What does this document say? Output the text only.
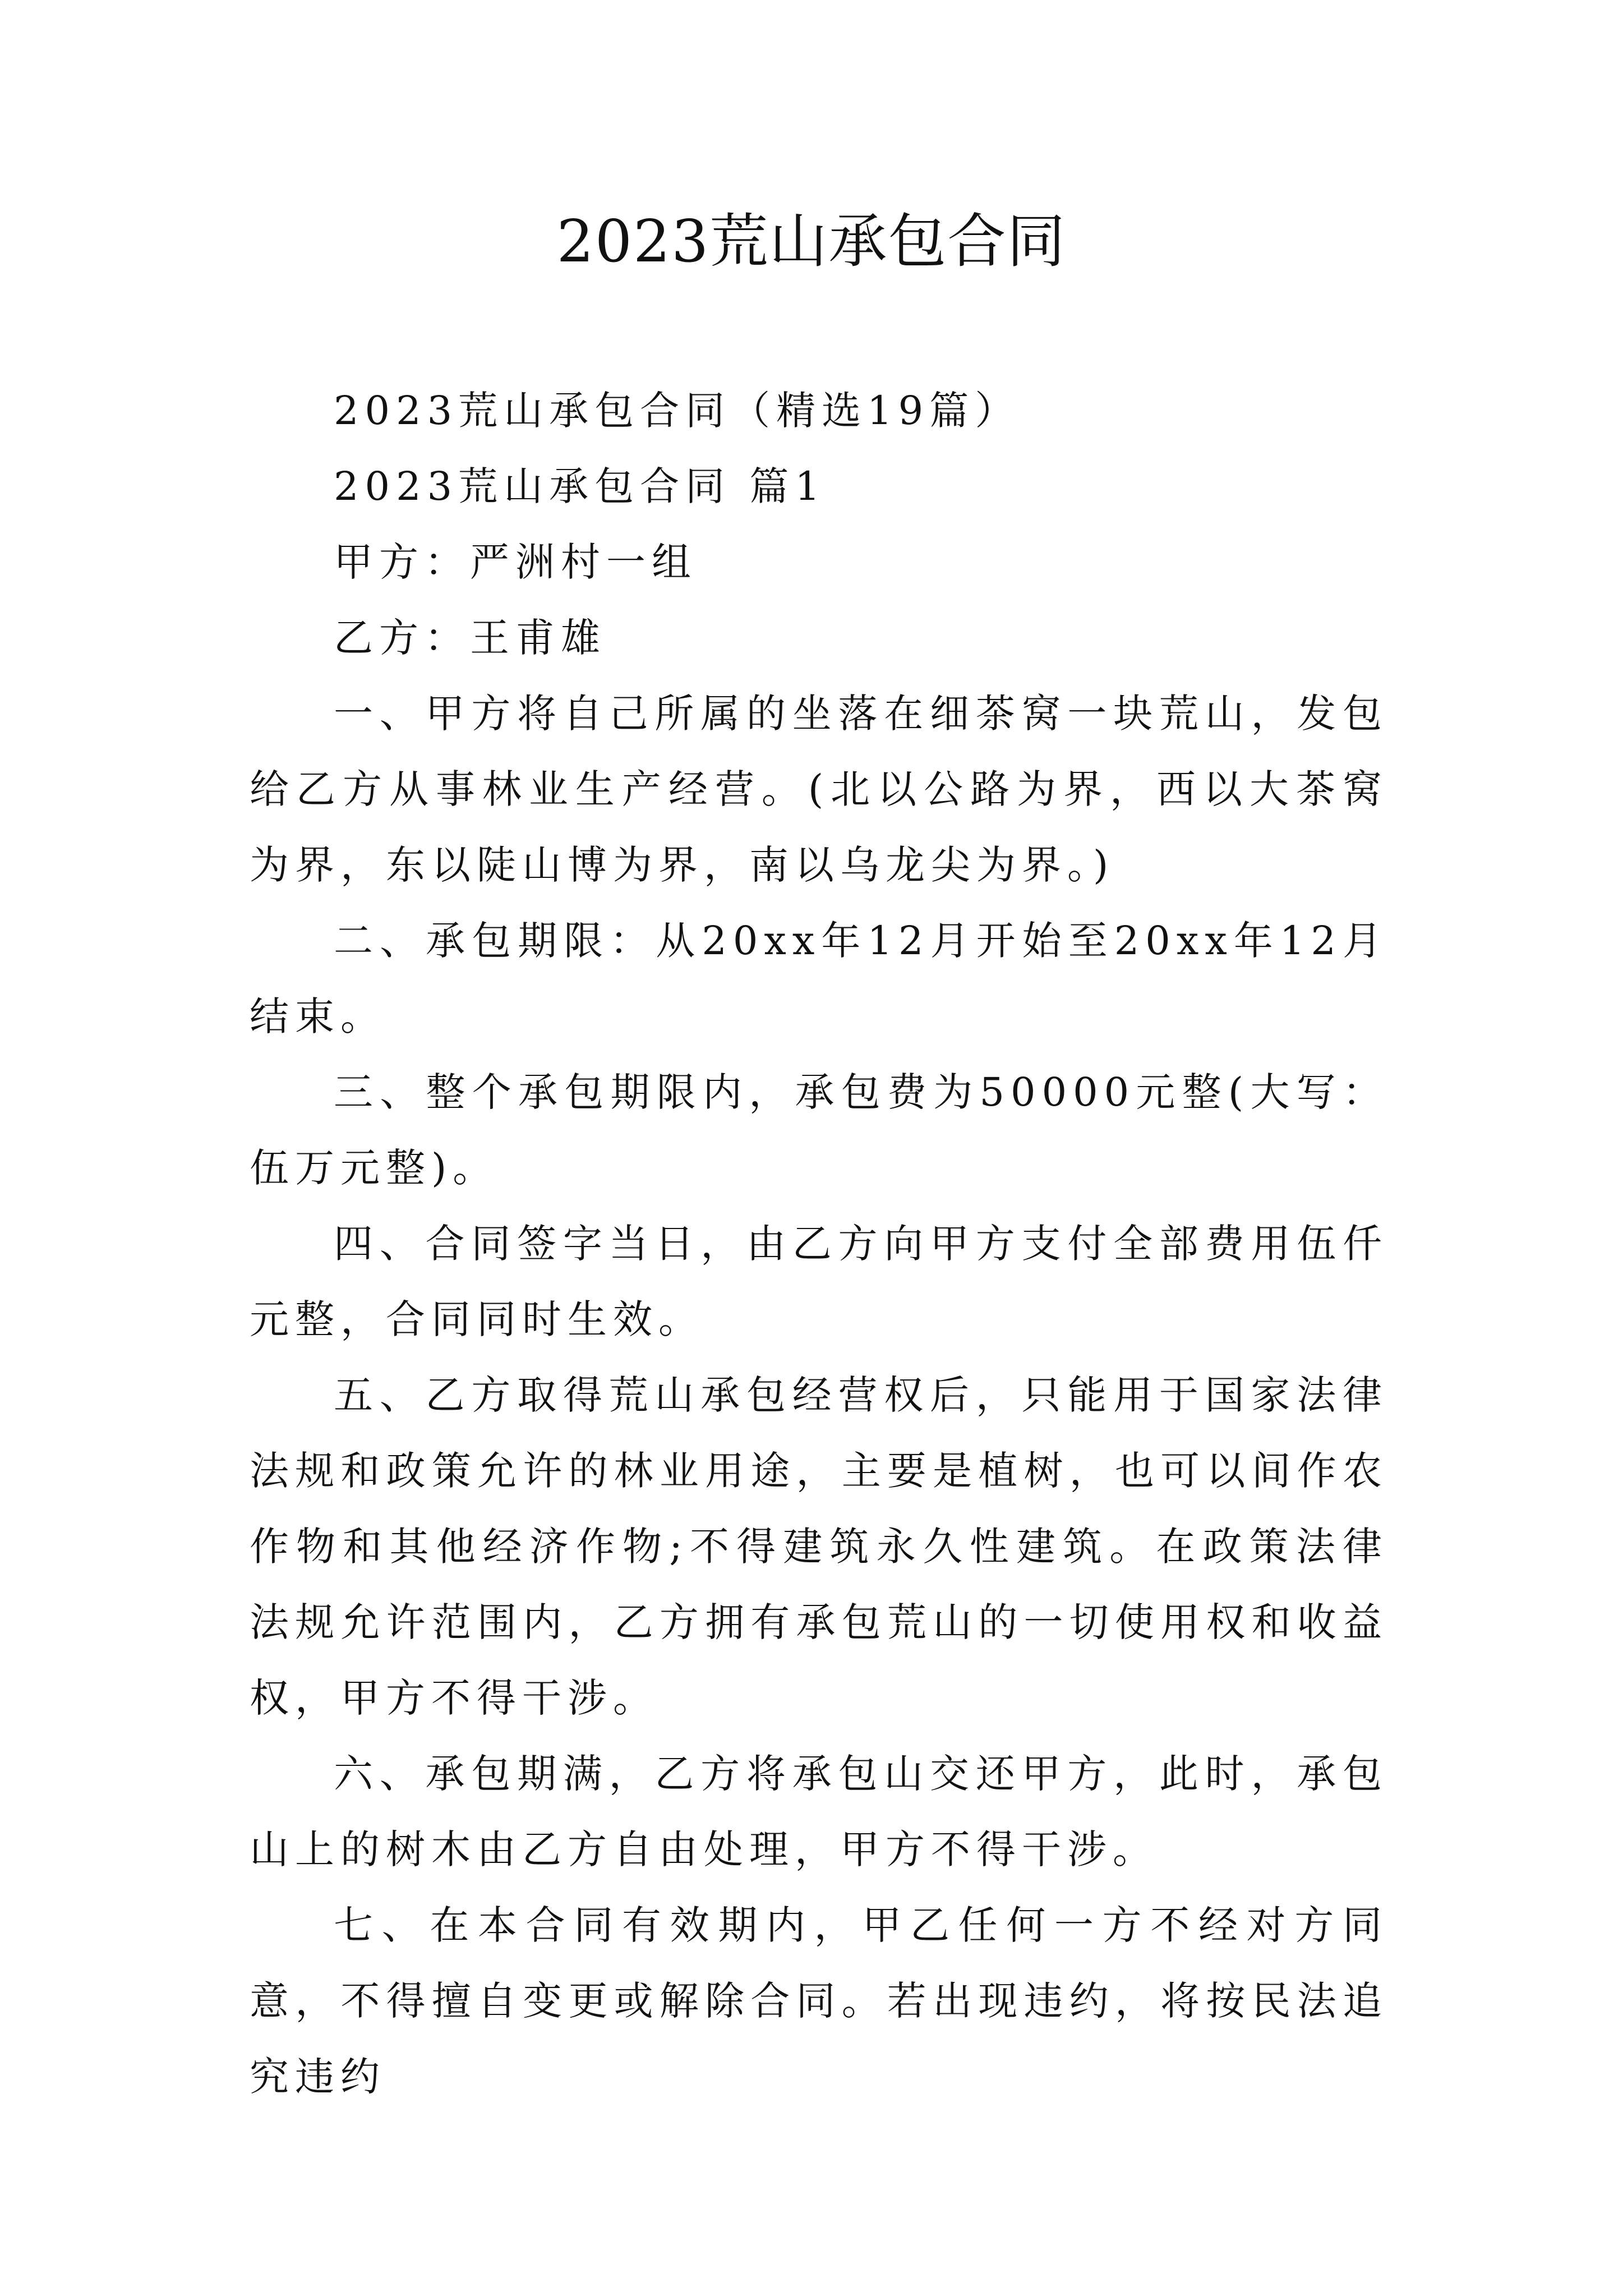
2023荒山承包合同

2023荒山承包合同（精选19篇）

2023荒山承包合同 篇1

甲方：严洲村一组

乙方：王甫雄

一、甲方将自己所属的坐落在细茶窝一块荒山，发包给乙方从事林业生产经营。(北以公路为界，西以大茶窝为界，东以陡山博为界，南以乌龙尖为界。)

二、承包期限：从20xx年12月开始至20xx年12月结束。

三、整个承包期限内，承包费为50000元整(大写：伍万元整)。

四、合同签字当日，由乙方向甲方支付全部费用伍仟元整，合同同时生效。

五、乙方取得荒山承包经营权后，只能用于国家法律法规和政策允许的林业用途，主要是植树，也可以间作农作物和其他经济作物;不得建筑永久性建筑。在政策法律法规允许范围内，乙方拥有承包荒山的一切使用权和收益权，甲方不得干涉。

六、承包期满，乙方将承包山交还甲方，此时，承包山上的树木由乙方自由处理，甲方不得干涉。

七、在本合同有效期内，甲乙任何一方不经对方同意，不得擅自变更或解除合同。若出现违约，将按民法追究违约
